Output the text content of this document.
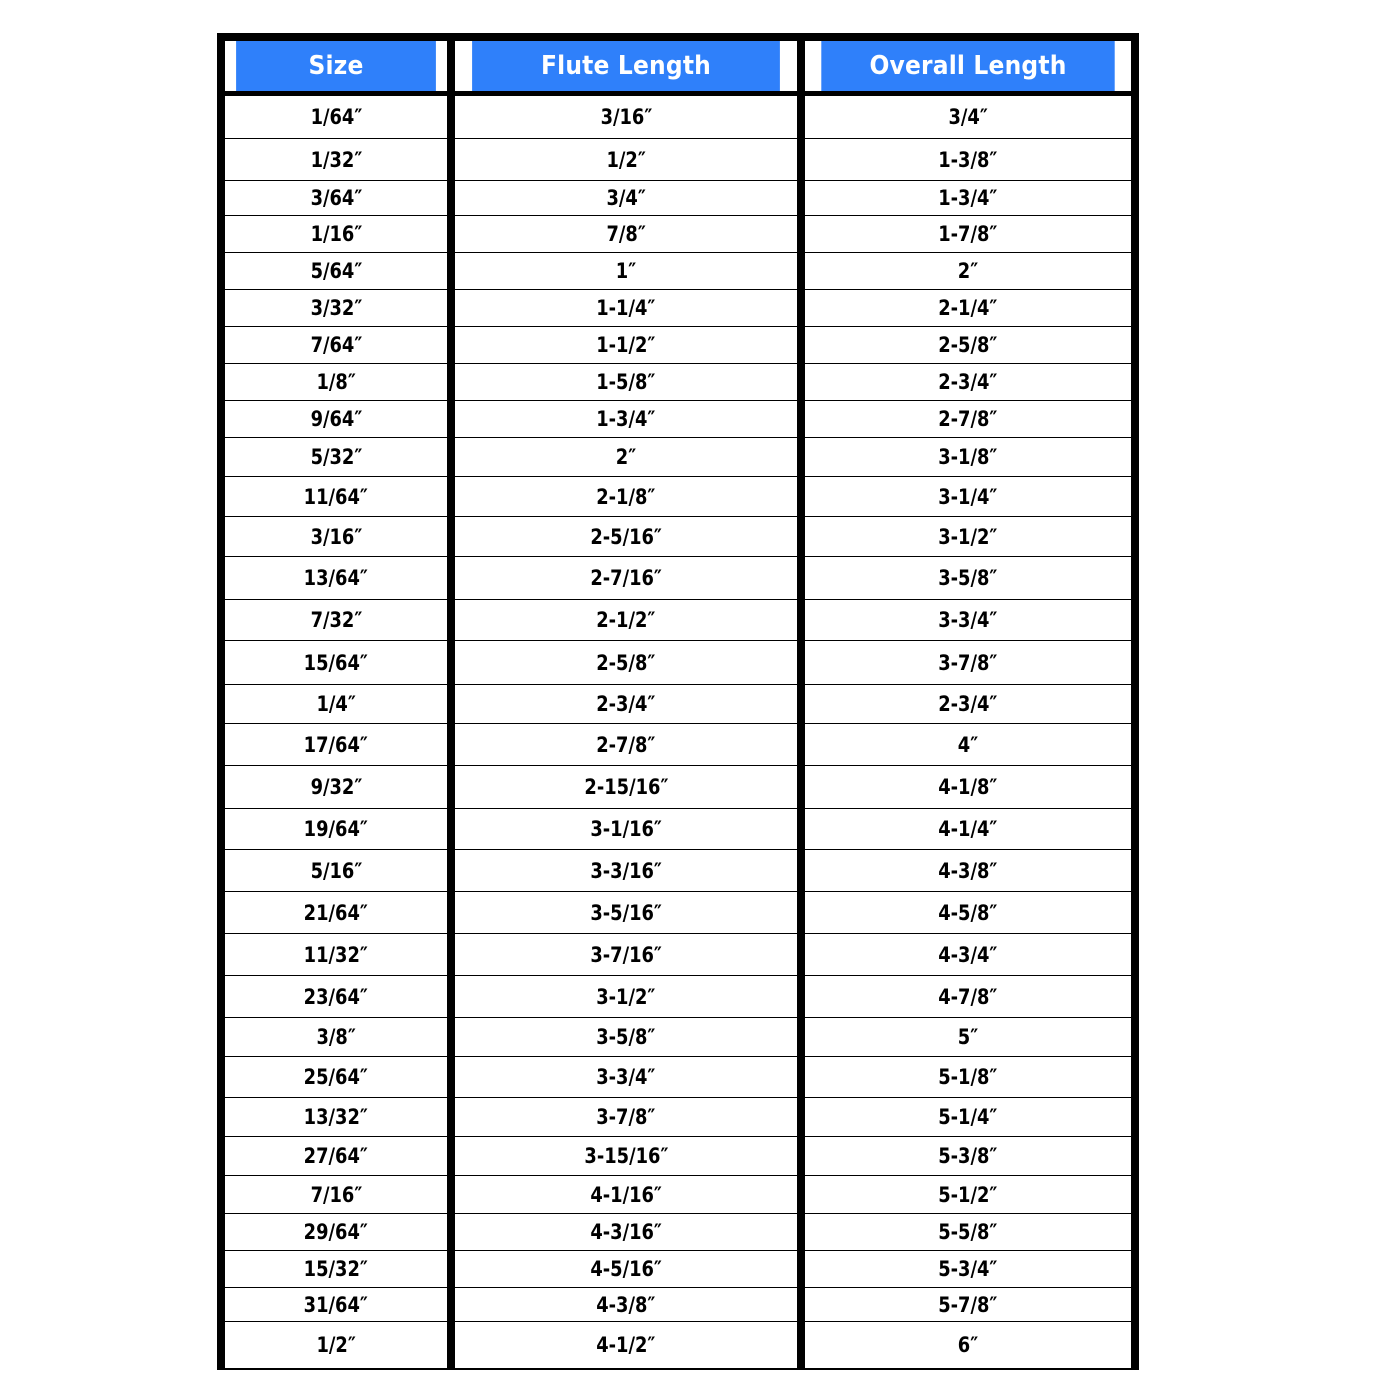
Size
1/64″
1/32″
3/64″
1/16″
5/64″
3/32″
7/64″
1/8″
9/64″
5/32″
11/64″
3/16″
13/64″
7/32″
15/64″
1/4″
17/64″
9/32″
19/64″
5/16″
21/64″
11/32″
23/64″
3/8″
25/64″
13/32″
27/64″
7/16″
29/64″
15/32″
31/64″
1/2″
Flute Length
3/16″
1/2″
3/4″
7/8″
1″
1-1/4″
1-1/2″
1-5/8″
1-3/4″
2″
2-1/8″
2-5/16″
2-7/16″
2-1/2″
2-5/8″
2-3/4″
2-7/8″
2-15/16″
3-1/16″
3-3/16″
3-5/16″
3-7/16″
3-1/2″
3-5/8″
3-3/4″
3-7/8″
3-15/16″
4-1/16″
4-3/16″
4-5/16″
4-3/8″
4-1/2″
Overall Length
3/4″
1-3/8″
1-3/4″
1-7/8″
2″
2-1/4″
2-5/8″
2-3/4″
2-7/8″
3-1/8″
3-1/4″
3-1/2″
3-5/8″
3-3/4″
3-7/8″
2-3/4″
4″
4-1/8″
4-1/4″
4-3/8″
4-5/8″
4-3/4″
4-7/8″
5″
5-1/8″
5-1/4″
5-3/8″
5-1/2″
5-5/8″
5-3/4″
5-7/8″
6″
